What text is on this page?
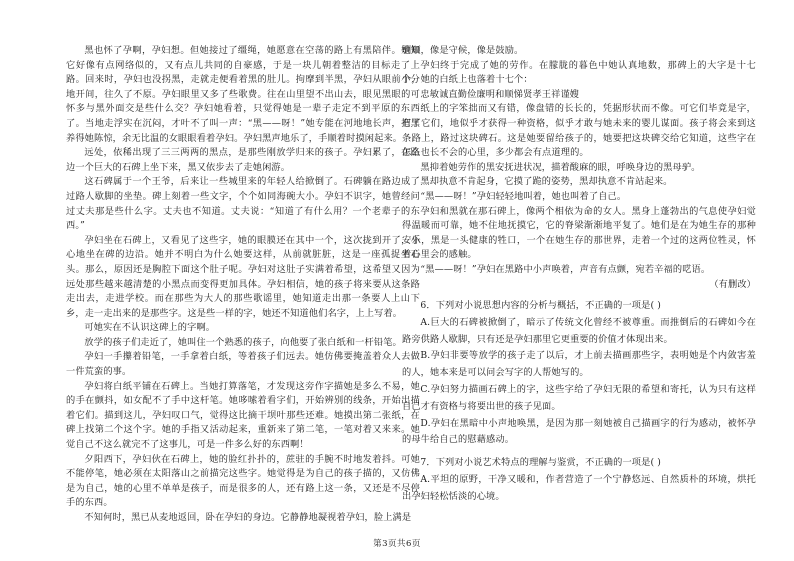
黑也怀了孕啊，孕妇想。但她接过了缰绳，她愿意在空荡的路上有黑陪伴。她知它好像有点网络似的，又有点儿共同的自豪感，于是一块儿朝着整洁的目标走了上路。回来时，孕妇也没拐黑，走就走便看着黑的肚儿。拘摩到半黑，孕妇从眼前小分地开间，往久了不原。孕妇眼里又多了些歌费。往在山里望不出山去，眼见黑眼的可怀多与黑外面交是些什么交？孕妇她看着，只觉得她是一辈子走定不到平原的东西了。当地走浮实在沉闷，才叶不了叫一声：“黑——呀！”她专能在河地地长声，把黑养得她陈惊，余无比温的女眼眼看着孕妇。孕妇黑声地乐了，手顺着时摸闲起来。

远处，依稀出现了三三两两的黑点，是那些刚放学归来的孩子。孕妇累了，在路边一个巨大的石碑上坐下来，黑又依步去了走她闲游。

这石碑属于一个王爷，后来让一些城里来的年轻人给掀倒了。石碑躺在路边成了过路人歇脚的坐垫。碑上刻着一些文字，个个如同海碗大小。孕妇不识字，她曾经问过丈夫那是些什么字。丈夫也不知道。丈夫说：“知道了有什么用？一个老辈子的东西。”

孕妇坐在石碑上，又看见了这些字，她的眼膜还在其中一个，这次拢到开了，小心地坐在碑的边沿。她并不明白为什么她要这样，从前就脏脏，这是一座孤捉坐石头。那么，原因还是胸腔下面这个肚子呢。孕妇对这肚子实满着希望，这希望又因为远处那些越来越清楚的小黑点而变得更加具体。孕妇相信，她的孩子将来要从这条路走出去，走进学校。而在那些为大人的那些歌谣里，她知道走出那一条要人上山下乡，走一走出来的是那些字。这是些一样的字，她还不知道他们名字，上上写着。

可她实在不认识这碑上的字啊。

放学的孩子们走近了，她叫住一个熟悉的孩子，向他要了张白纸和一杆铅笔。

孕妇一手攥着铅笔，一手拿着白纸，等着孩子们远去。她仿佛要掩盖着众人去做一件荒蛮的事。

孕妇将白纸平铺在石碑上。当她打算落笔，才发现这旁作字描她是多么不易，她的手在颤抖，如女配不了手中这杆笔。她哆嗦着看字们，开始辨别的线条，开始出描着它们。描到这儿，孕妇叹口气，觉得这比摘干坝叶那些还难。她摸出第二张纸，在碑上找第二个这个字。她的手指又活动起来，重新来了第二笔，一笔对着又来来。她觉自己不这么就完不了这事儿，可是一件多么好的东西啊！

夕阳西下，孕妇伙在石碑上，她的脸红扑扑的，蔗驻的手腕不时地发着抖。可她不能停笔，她必须在太阳落山之前描完这些字。她觉得是为自己的孩子描的，又仿佛是为自己，她的心里不单单是孩子，而是很多的人，还有路上这一条，又还是不尽停手的东西。

不知何时，黑已从麦地返回，卧在孕妇的身边。它静静地凝视着孕妇，脸上满是

驯顺，像是守候，像是鼓励。

孕妇终于完成了她的劳作。在朦胧的暮色中她认真地数，那碑上的大字是十七个，她的白纸上也落着十七个：

忠敏诚直勤俭廉明和顺悌贤孝王祥谨嫂

纸上的字笨拙而又有错，像盘错的长长的，凭据形状而不像。可它们毕竟是字，有了它们，地似乎才获得一种资格，似乎才敢与她未来的婴儿谋面。孩子将会来到这条路上，路过这块碑石。这是她要留给孩子的，她要把这块碑交给它知道，这些字在怎么也长不会的心里，多少都会有点道理的。

黑抑着她劳作的黑安抚进状况，描着酸麻的眼，呼唤身边的黑母驴。

黑却执意不肯起身，它摸了跪的姿势，黑却执意不肯站起来。

“黑——呀！”孕妇轻轻地叫着，她也叫着了自己。

孕妇和黑就在那石碑上，像两个相依为命的女人。黑身上蓬勃出的气息使孕妇觉得温暖而可靠，她不住地抚摸它，它的脊梁渐渐地平复了。她们是在为她生存的那种安乐，黑是一头健康的牲口，一个在她生存的那世界，走着一个过的这两位牲灵，怀着心里会的感触。

“黑——呀！”孕妇在黑路中小声唤着，声音有点颤，宛若辛福的呓语。

（有删改）

6．下列对小说思想内容的分析与概括，不正确的一项是( )

A.巨大的石碑被掀倒了，暗示了传统文化曾经不被尊重。而推倒后的石碑如今在路旁供路人歇脚，只有还是孕妇那里它更重要的价值才体现出来。

B.孕妇非要等放学的孩子走了以后，才上前去描画那些字，表明她是个内敛害羞的人，她本来是可以问会写字的人帮她写的。

C.孕妇努力描画石碑上的字，这些字给了孕妇无限的希望和寄托，认为只有这样自己才有资格与将要出世的孩子见面。

D.孕妇在黑暗中小声地唤黑，是因为那一刻她被自己描画字的行为感动，被怀孕的母牛给自己的慰藉感动。

7．下列对小说艺术特点的理解与鉴赏，不正确的一项是( )

A.平坦的原野，干净又暖和，作者营造了一个宁静悠远、自然质朴的环境，烘托出孕妇轻松恬淡的心境。

第3页共6页
